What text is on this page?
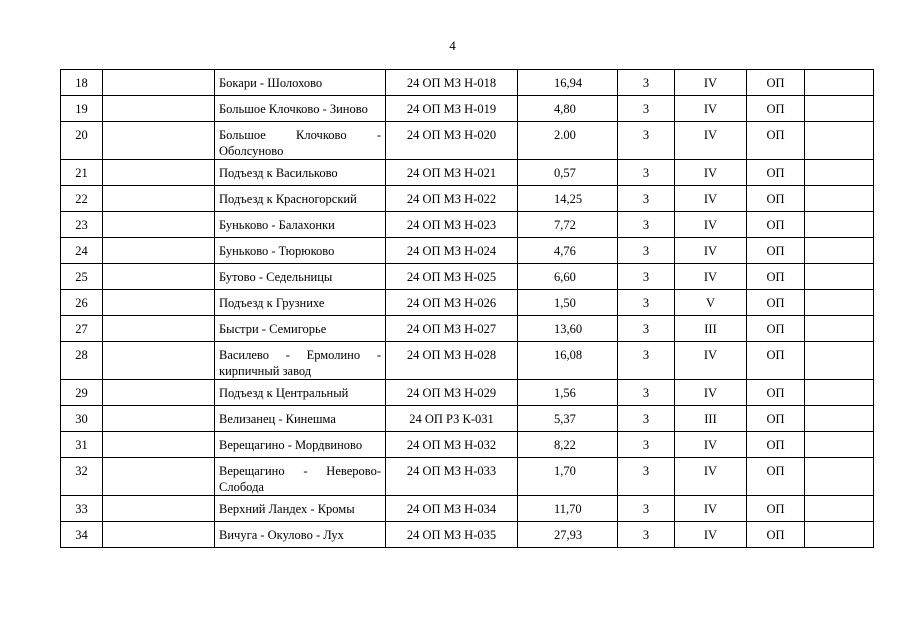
4
18		Бокари - Шолохово	24 ОП МЗ Н-018	16,94	3	IV	ОП	

19		Большое Клочково - Зиново	24 ОП МЗ Н-019	4,80	3	IV	ОП	

20		Большое Клочково - Оболсуново	24 ОП МЗ Н-020	2.00	3	IV	ОП	

21		Подъезд к Васильково	24 ОП МЗ Н-021	0,57	3	IV	ОП	

22		Подъезд к Красногорский	24 ОП МЗ Н-022	14,25	3	IV	ОП	

23		Буньково - Балахонки	24 ОП МЗ Н-023	7,72	3	IV	ОП	

24		Буньково - Тюрюково	24 ОП МЗ Н-024	4,76	3	IV	ОП	

25		Бутово - Седельницы	24 ОП МЗ Н-025	6,60	3	IV	ОП	

26		Подъезд к Грузнихе	24 ОП МЗ Н-026	1,50	3	V	ОП	

27		Быстри - Семигорье	24 ОП МЗ Н-027	13,60	3	III	ОП	

28		Василево - Ермолино - кирпичный завод	24 ОП МЗ Н-028	16,08	3	IV	ОП	

29		Подъезд к Центральный	24 ОП МЗ Н-029	1,56	3	IV	ОП	

30		Велизанец - Кинешма	24 ОП РЗ К-031	5,37	3	III	ОП	

31		Верещагино - Мордвиново	24 ОП МЗ Н-032	8,22	3	IV	ОП	

32		Верещагино - Неверово-Слобода	24 ОП МЗ Н-033	1,70	3	IV	ОП	

33		Верхний Ландех - Кромы	24 ОП МЗ Н-034	11,70	3	IV	ОП	

34		Вичуга - Окулово - Лух	24 ОП МЗ Н-035	27,93	3	IV	ОП	
